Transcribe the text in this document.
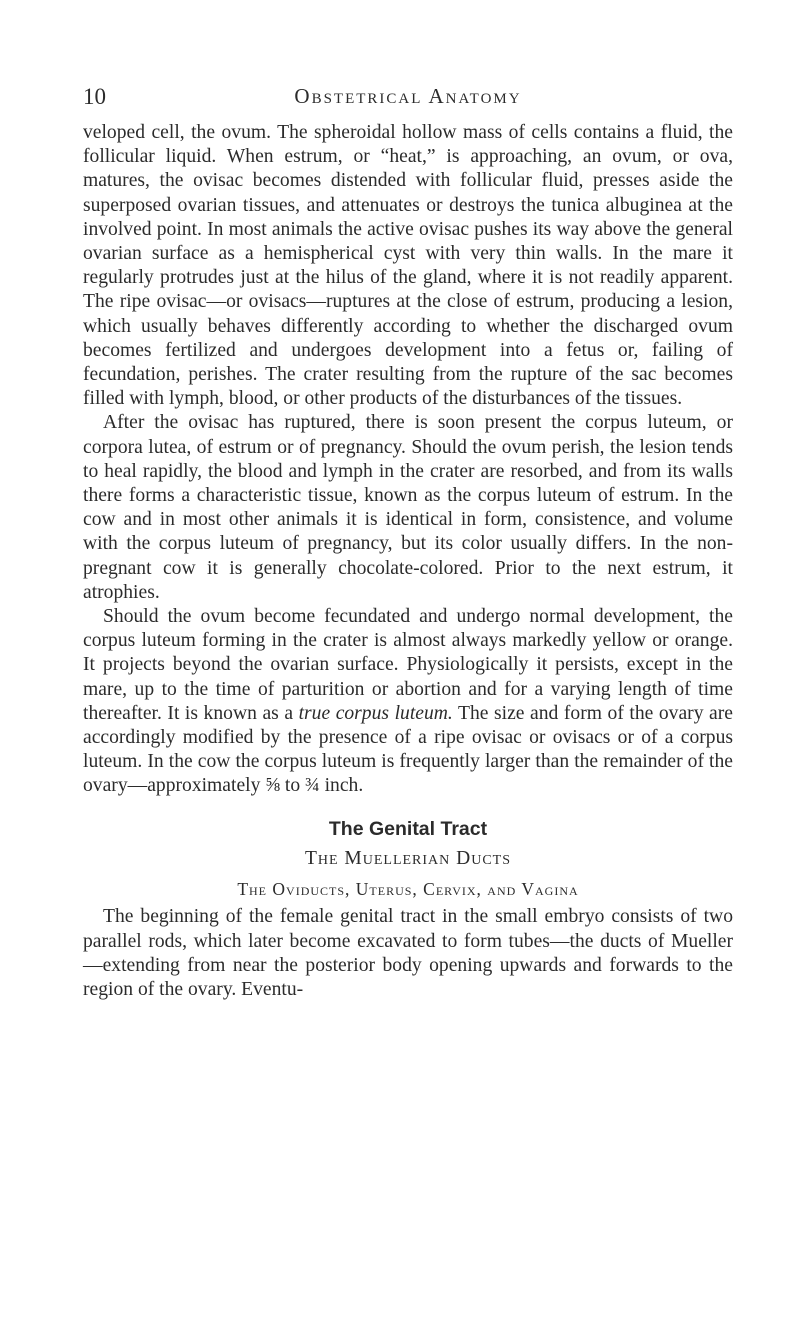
10	Obstetrical Anatomy

veloped cell, the ovum. The spheroidal hollow mass of cells contains a fluid, the follicular liquid. When estrum, or “heat,” is approaching, an ovum, or ova, matures, the ovisac becomes distended with follicular fluid, presses aside the superposed ovarian tissues, and attenuates or destroys the tunica albuginea at the involved point. In most animals the active ovisac pushes its way above the general ovarian surface as a hemispherical cyst with very thin walls. In the mare it regularly protrudes just at the hilus of the gland, where it is not readily apparent. The ripe ovisac—or ovisacs—ruptures at the close of estrum, producing a lesion, which usually behaves differently according to whether the discharged ovum becomes fertilized and undergoes development into a fetus or, failing of fecundation, perishes. The crater resulting from the rupture of the sac becomes filled with lymph, blood, or other products of the disturbances of the tissues.

After the ovisac has ruptured, there is soon present the corpus luteum, or corpora lutea, of estrum or of pregnancy. Should the ovum perish, the lesion tends to heal rapidly, the blood and lymph in the crater are resorbed, and from its walls there forms a characteristic tissue, known as the corpus luteum of estrum. In the cow and in most other animals it is identical in form, consistence, and volume with the corpus luteum of pregnancy, but its color usually differs. In the non-pregnant cow it is generally chocolate-colored. Prior to the next estrum, it atrophies.

Should the ovum become fecundated and undergo normal development, the corpus luteum forming in the crater is almost always markedly yellow or orange. It projects beyond the ovarian surface. Physiologically it persists, except in the mare, up to the time of parturition or abortion and for a varying length of time thereafter. It is known as a true corpus luteum. The size and form of the ovary are accordingly modified by the presence of a ripe ovisac or ovisacs or of a corpus luteum. In the cow the corpus luteum is frequently larger than the remainder of the ovary—approximately ⅝ to ¾ inch.

The Genital Tract
The Muellerian Ducts
The Oviducts, Uterus, Cervix, and Vagina

The beginning of the female genital tract in the small embryo consists of two parallel rods, which later become excavated to form tubes—the ducts of Mueller—extending from near the posterior body opening upwards and forwards to the region of the ovary. Eventu-
